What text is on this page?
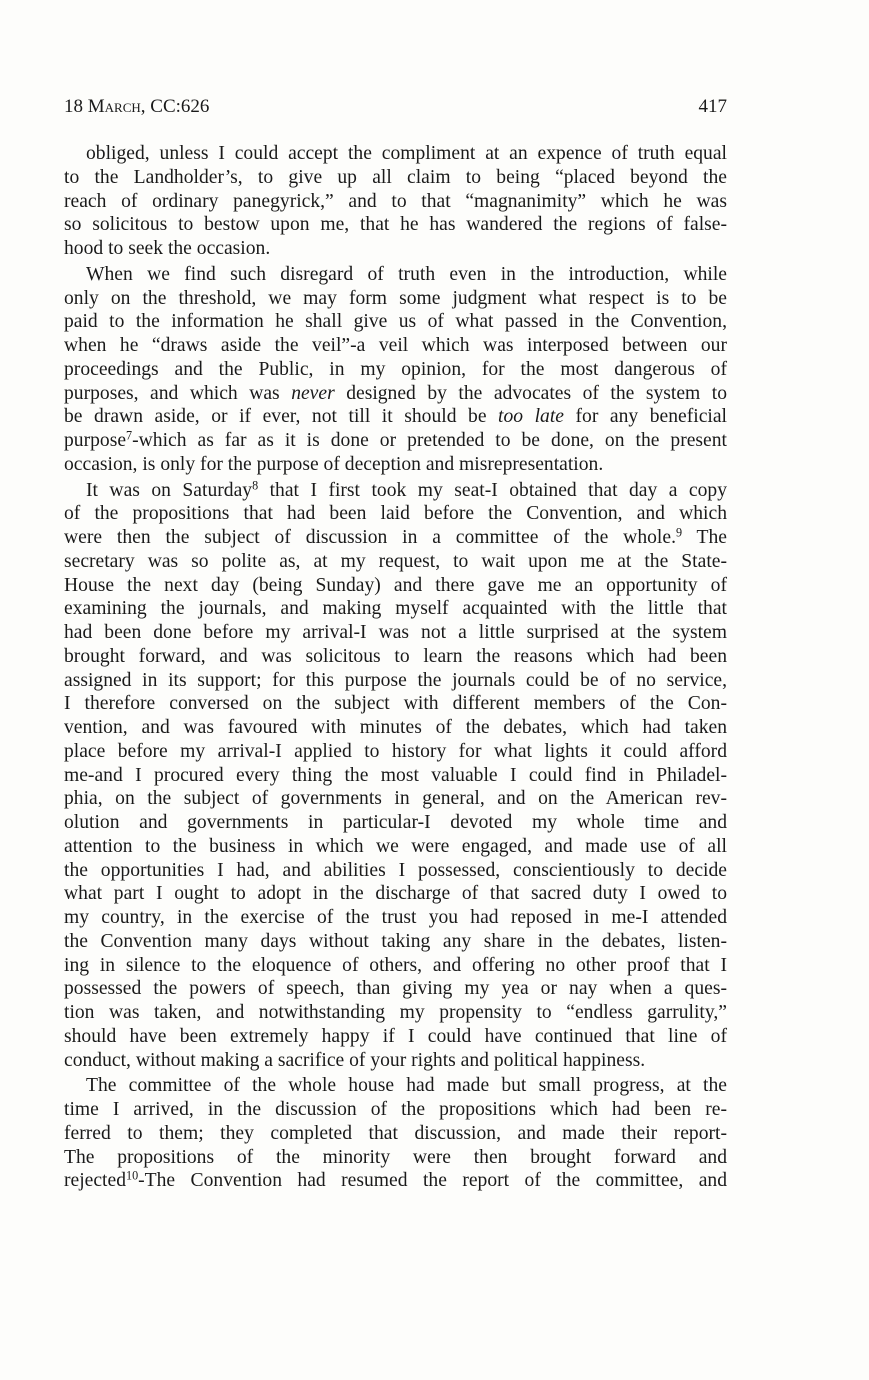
18 March, CC:626	417

obliged, unless I could accept the compliment at an expence of truth equal
to the Landholder’s, to give up all claim to being “placed beyond the
reach of ordinary panegyrick,” and to that “magnanimity” which he was
so solicitous to bestow upon me, that he has wandered the regions of false-
hood to seek the occasion.

When we find such disregard of truth even in the introduction, while
only on the threshold, we may form some judgment what respect is to be
paid to the information he shall give us of what passed in the Convention,
when he “draws aside the veil”-a veil which was interposed between our
proceedings and the Public, in my opinion, for the most dangerous of
purposes, and which was never designed by the advocates of the system to
be drawn aside, or if ever, not till it should be too late for any beneficial
purpose$^7$-which as far as it is done or pretended to be done, on the present
occasion, is only for the purpose of deception and misrepresentation.

It was on Saturday$^8$ that I first took my seat-I obtained that day a copy
of the propositions that had been laid before the Convention, and which
were then the subject of discussion in a committee of the whole.$^9$ The
secretary was so polite as, at my request, to wait upon me at the State-
House the next day (being Sunday) and there gave me an opportunity of
examining the journals, and making myself acquainted with the little that
had been done before my arrival-I was not a little surprised at the system
brought forward, and was solicitous to learn the reasons which had been
assigned in its support; for this purpose the journals could be of no service,
I therefore conversed on the subject with different members of the Con-
vention, and was favoured with minutes of the debates, which had taken
place before my arrival-I applied to history for what lights it could afford
me-and I procured every thing the most valuable I could find in Philadel-
phia, on the subject of governments in general, and on the American rev-
olution and governments in particular-I devoted my whole time and
attention to the business in which we were engaged, and made use of all
the opportunities I had, and abilities I possessed, conscientiously to decide
what part I ought to adopt in the discharge of that sacred duty I owed to
my country, in the exercise of the trust you had reposed in me-I attended
the Convention many days without taking any share in the debates, listen-
ing in silence to the eloquence of others, and offering no other proof that I
possessed the powers of speech, than giving my yea or nay when a ques-
tion was taken, and notwithstanding my propensity to “endless garrulity,”
should have been extremely happy if I could have continued that line of
conduct, without making a sacrifice of your rights and political happiness.

The committee of the whole house had made but small progress, at the
time I arrived, in the discussion of the propositions which had been re-
ferred to them; they completed that discussion, and made their report-
The propositions of the minority were then brought forward and
rejected$^{10}$-The Convention had resumed the report of the committee, and
